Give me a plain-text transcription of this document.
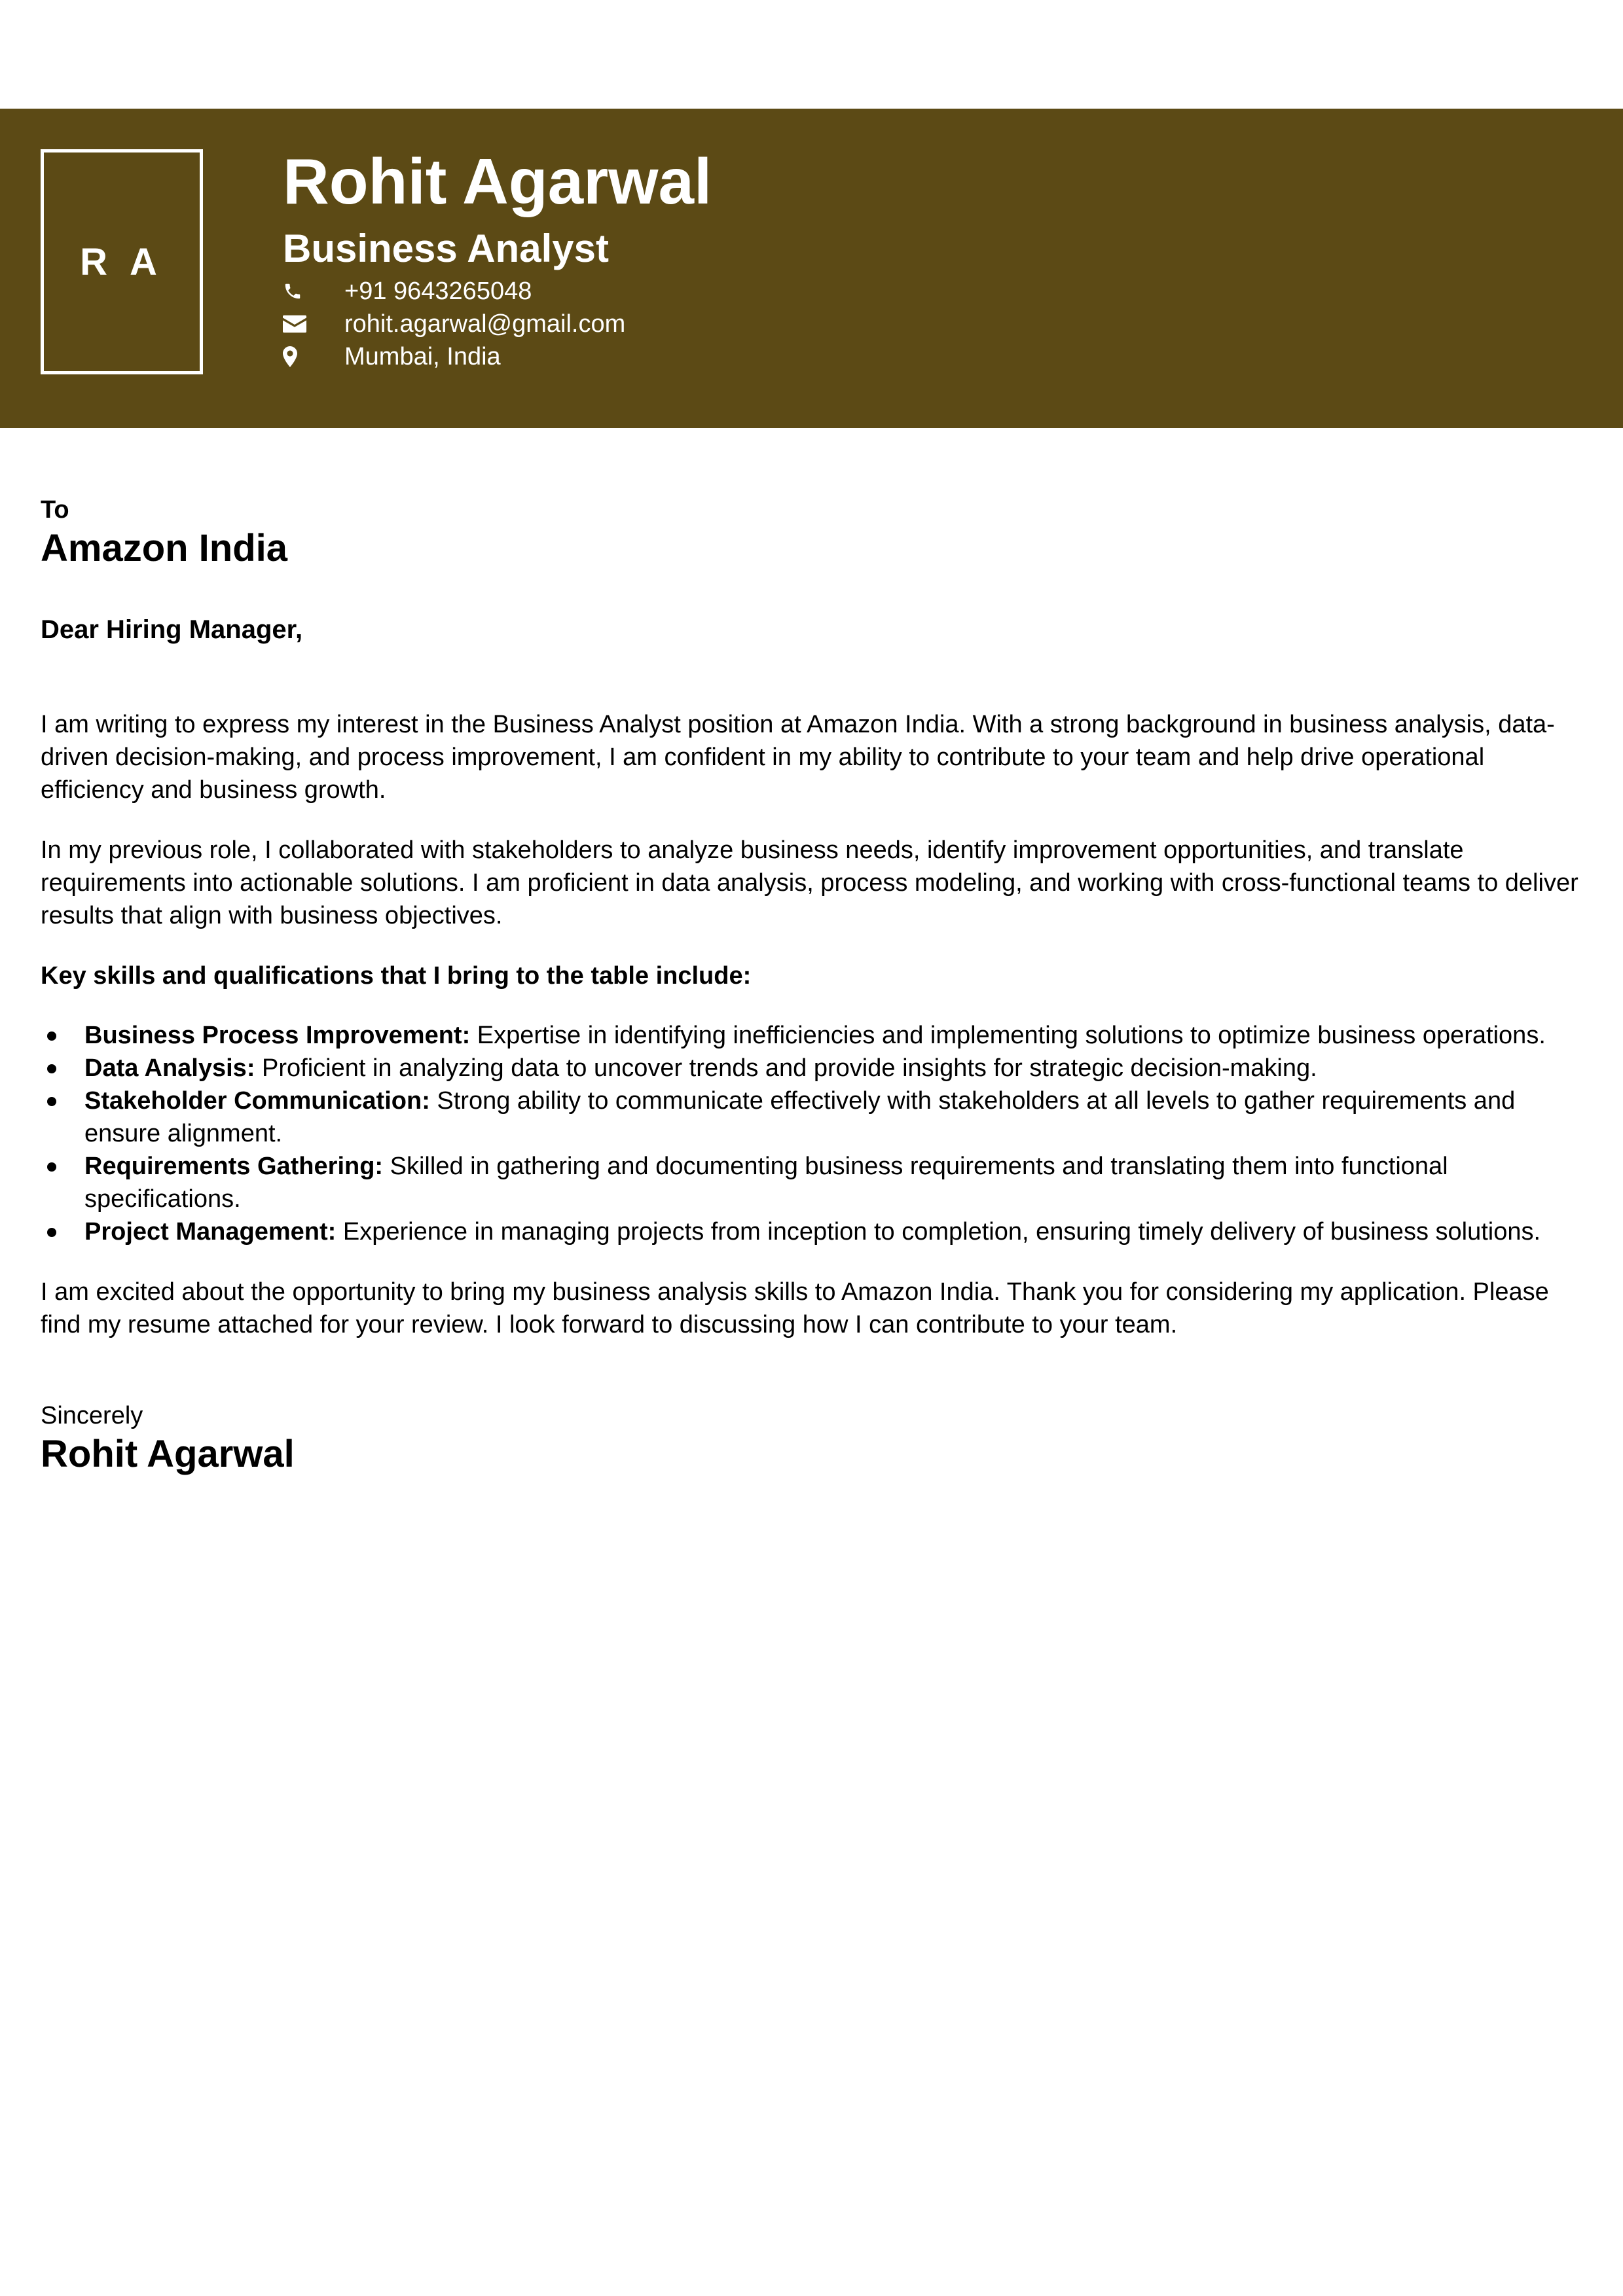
R A
Rohit Agarwal
Business Analyst
+91 9643265048
rohit.agarwal@gmail.com
Mumbai, India
To
Amazon India
Dear Hiring Manager,

I am writing to express my interest in the Business Analyst position at Amazon India. With a strong background in business analysis, data-driven decision-making, and process improvement, I am confident in my ability to contribute to your team and help drive operational efficiency and business growth.

In my previous role, I collaborated with stakeholders to analyze business needs, identify improvement opportunities, and translate requirements into actionable solutions. I am proficient in data analysis, process modeling, and working with cross-functional teams to deliver results that align with business objectives.

Key skills and qualifications that I bring to the table include:
Business Process Improvement: Expertise in identifying inefficiencies and implementing solutions to optimize business operations.
Data Analysis: Proficient in analyzing data to uncover trends and provide insights for strategic decision-making.
Stakeholder Communication: Strong ability to communicate effectively with stakeholders at all levels to gather requirements and ensure alignment.
Requirements Gathering: Skilled in gathering and documenting business requirements and translating them into functional specifications.
Project Management: Experience in managing projects from inception to completion, ensuring timely delivery of business solutions.

I am excited about the opportunity to bring my business analysis skills to Amazon India. Thank you for considering my application. Please find my resume attached for your review. I look forward to discussing how I can contribute to your team.

Sincerely
Rohit Agarwal
